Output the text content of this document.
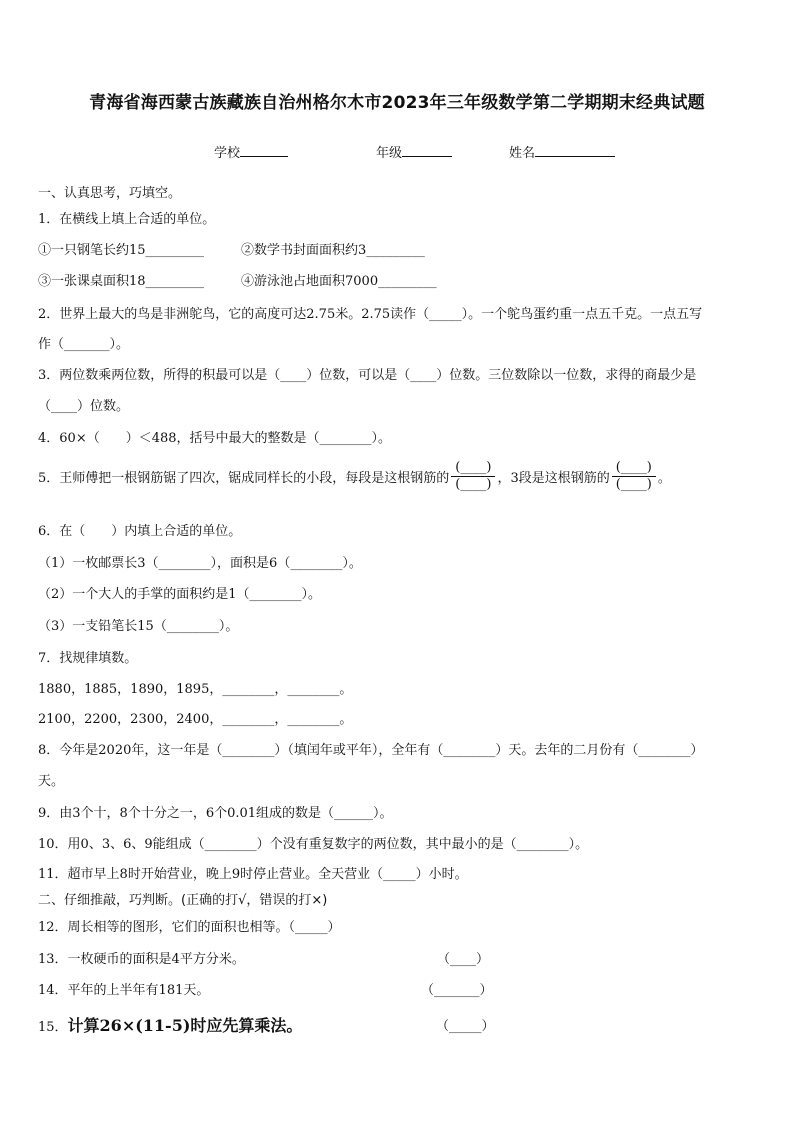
青海省海西蒙古族藏族自治州格尔木市2023年三年级数学第二学期期末经典试题
学校	年级	姓名
一、认真思考，巧填空。
1．在横线上填上合适的单位。
①一只钢笔长约15_________	②数学书封面面积约3_________
③一张课桌面积18_________	④游泳池占地面积7000_________
2．世界上最大的鸟是非洲鸵鸟，它的高度可达2.75米。2.75读作（_____）。一个鸵鸟蛋约重一点五千克。一点五写
作（_______）。
3．两位数乘两位数，所得的积最可以是（____）位数，可以是（____）位数。三位数除以一位数，求得的商最少是
（____）位数。
4．60×（　　）＜488，括号中最大的整数是（________）。
5．王师傅把一根钢筋锯了四次，锯成同样长的小段，每段是这根钢筋的 $\frac{(\_\_\_\_)}{(\_\_\_\_)}$ ，3段是这根钢筋的 $\frac{(\_\_\_\_)}{(\_\_\_\_)}$ 。
6．在（　　）内填上合适的单位。
（1）一枚邮票长3（________），面积是6（________）。
（2）一个大人的手掌的面积约是1（________）。
（3）一支铅笔长15（________）。
7．找规律填数。
1880，1885，1890，1895，________，________。
2100，2200，2300，2400，________，________。
8．今年是2020年，这一年是（________）（填闰年或平年），全年有（________）天。去年的二月份有（________）
天。
9．由3个十，8个十分之一，6个0.01组成的数是（______）。
10．用0、3、6、9能组成（________）个没有重复数字的两位数，其中最小的是（________）。
11．超市早上8时开始营业，晚上9时停止营业。全天营业（_____）小时。
二、仔细推敲，巧判断。(正确的打√，错误的打×)
12．周长相等的图形，它们的面积也相等。（_____）
13．一枚硬币的面积是4平方分米。	（____）
14．平年的上半年有181天。	（_______）
15． 计算26×(11-5)时应先算乘法。	（_____）
